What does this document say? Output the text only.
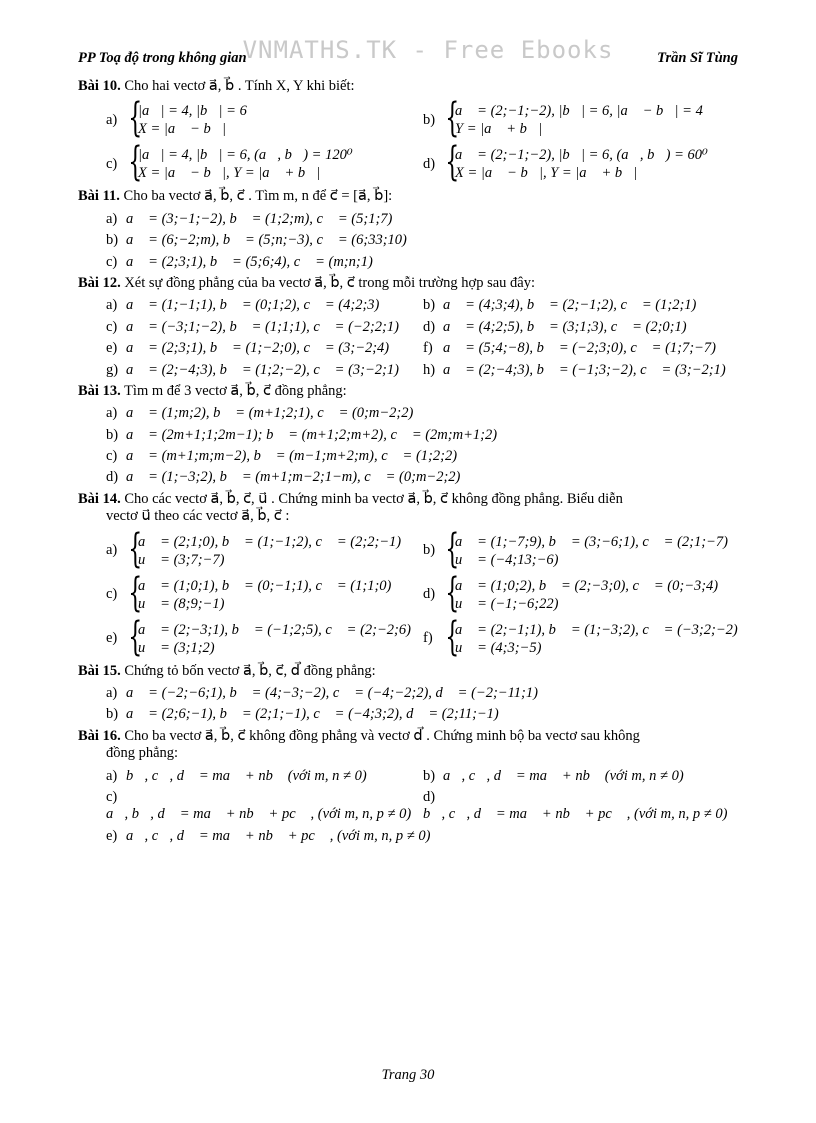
VNMATHS.TK - Free Ebooks
PP Toạ độ trong không gian	Trần Sĩ Tùng
Bài 10. Cho hai vectơ a⃗, b⃗ . Tính X, Y khi biết:
a) {
|a⃗| = 4, |b⃗| = 6
X = |a⃗ − b⃗|
b) {
a⃗ = (2;−1;−2), |b⃗| = 6, |a⃗ − b⃗| = 4
Y = |a⃗ + b⃗|
c) {
|a⃗| = 4, |b⃗| = 6, (a⃗, b⃗) = 120⁰
X = |a⃗ − b⃗|, Y = |a⃗ + b⃗|
d) {
a⃗ = (2;−1;−2), |b⃗| = 6, (a⃗, b⃗) = 60⁰
X = |a⃗ − b⃗|, Y = |a⃗ + b⃗|
Bài 11. Cho ba vectơ a⃗, b⃗, c⃗ . Tìm m, n để c⃗ = [a⃗, b⃗]:
a) a⃗ = (3;−1;−2), b⃗ = (1;2;m), c⃗ = (5;1;7)
b) a⃗ = (6;−2;m), b⃗ = (5;n;−3), c⃗ = (6;33;10)
c) a⃗ = (2;3;1), b⃗ = (5;6;4), c⃗ = (m;n;1)
Bài 12. Xét sự đồng phẳng của ba vectơ a⃗, b⃗, c⃗ trong mỗi trường hợp sau đây:
a) a⃗ = (1;−1;1), b⃗ = (0;1;2), c⃗ = (4;2;3)	b) a⃗ = (4;3;4), b⃗ = (2;−1;2), c⃗ = (1;2;1)
c) a⃗ = (−3;1;−2), b⃗ = (1;1;1), c⃗ = (−2;2;1)	d) a⃗ = (4;2;5), b⃗ = (3;1;3), c⃗ = (2;0;1)
e) a⃗ = (2;3;1), b⃗ = (1;−2;0), c⃗ = (3;−2;4)	f) a⃗ = (5;4;−8), b⃗ = (−2;3;0), c⃗ = (1;7;−7)
g) a⃗ = (2;−4;3), b⃗ = (1;2;−2), c⃗ = (3;−2;1)	h) a⃗ = (2;−4;3), b⃗ = (−1;3;−2), c⃗ = (3;−2;1)
Bài 13. Tìm m để 3 vectơ a⃗, b⃗, c⃗ đồng phẳng:
a) a⃗ = (1;m;2), b⃗ = (m+1;2;1), c⃗ = (0;m−2;2)
b) a⃗ = (2m+1;1;2m−1); b⃗ = (m+1;2;m+2), c⃗ = (2m;m+1;2)
c) a⃗ = (m+1;m;m−2), b⃗ = (m−1;m+2;m), c⃗ = (1;2;2)
d) a⃗ = (1;−3;2), b⃗ = (m+1;m−2;1−m), c⃗ = (0;m−2;2)
Bài 14. Cho các vectơ a⃗, b⃗, c⃗, u⃗ . Chứng minh ba vectơ a⃗, b⃗, c⃗ không đồng phẳng. Biểu diễn
vectơ u⃗ theo các vectơ a⃗, b⃗, c⃗ :
a) {
a⃗ = (2;1;0), b⃗ = (1;−1;2), c⃗ = (2;2;−1)
u⃗ = (3;7;−7)
b) {
a⃗ = (1;−7;9), b⃗ = (3;−6;1), c⃗ = (2;1;−7)
u⃗ = (−4;13;−6)
c) {
a⃗ = (1;0;1), b⃗ = (0;−1;1), c⃗ = (1;1;0)
u⃗ = (8;9;−1)
d) {
a⃗ = (1;0;2), b⃗ = (2;−3;0), c⃗ = (0;−3;4)
u⃗ = (−1;−6;22)
e) {
a⃗ = (2;−3;1), b⃗ = (−1;2;5), c⃗ = (2;−2;6)
u⃗ = (3;1;2)
f) {
a⃗ = (2;−1;1), b⃗ = (1;−3;2), c⃗ = (−3;2;−2)
u⃗ = (4;3;−5)
Bài 15. Chứng tỏ bốn vectơ a⃗, b⃗, c⃗, d⃗ đồng phẳng:
a) a⃗ = (−2;−6;1), b⃗ = (4;−3;−2), c⃗ = (−4;−2;2), d⃗ = (−2;−11;1)
b) a⃗ = (2;6;−1), b⃗ = (2;1;−1), c⃗ = (−4;3;2), d⃗ = (2;11;−1)
Bài 16. Cho ba vectơ a⃗, b⃗, c⃗ không đồng phẳng và vectơ d⃗ . Chứng minh bộ ba vectơ sau không
đồng phẳng:
a) b⃗, c⃗, d⃗ = ma⃗ + nb⃗ (với m, n ≠ 0)	b) a⃗, c⃗, d⃗ = ma⃗ + nb⃗ (với m, n ≠ 0)
c)a⃗, b⃗, d⃗ = ma⃗ + nb⃗ + pc⃗ , (với m, n, p ≠ 0)
d)b⃗, c⃗, d⃗ = ma⃗ + nb⃗ + pc⃗ , (với m, n, p ≠ 0)
e) a⃗, c⃗, d⃗ = ma⃗ + nb⃗ + pc⃗ , (với m, n, p ≠ 0)
Trang 30
